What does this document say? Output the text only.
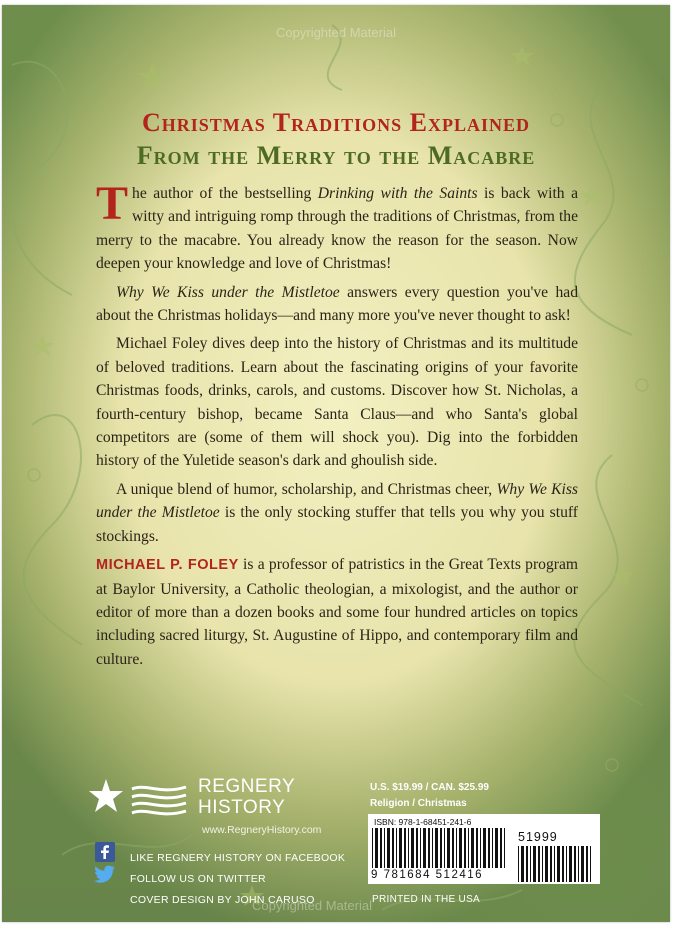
Copyrighted Material
Christmas Traditions Explained
From the Merry to the Macabre

The author of the bestselling Drinking with the Saints is back with a witty and intriguing romp through the traditions of Christmas, from the merry to the macabre. You already know the reason for the season. Now deepen your knowledge and love of Christmas!

Why We Kiss under the Mistletoe answers every question you've had about the Christmas holidays—and many more you've never thought to ask!

Michael Foley dives deep into the history of Christmas and its multitude of beloved traditions. Learn about the fascinating origins of your favorite Christmas foods, drinks, carols, and customs. Discover how St. Nicholas, a fourth-century bishop, became Santa Claus—and who Santa's global competitors are (some of them will shock you). Dig into the forbidden history of the Yuletide season's dark and ghoulish side.

A unique blend of humor, scholarship, and Christmas cheer, Why We Kiss under the Mistletoe is the only stocking stuffer that tells you why you stuff stockings.

MICHAEL P. FOLEY is a professor of patristics in the Great Texts program at Baylor University, a Catholic theologian, a mixologist, and the author or editor of more than a dozen books and some four hundred articles on topics including sacred liturgy, St. Augustine of Hippo, and contemporary film and culture.

REGNERY
HISTORY
www.RegneryHistory.com
LIKE REGNERY HISTORY ON FACEBOOK
FOLLOW US ON TWITTER
COVER DESIGN BY JOHN CARUSO
U.S. $19.99 / CAN. $25.99
Religion / Christmas
ISBN: 978-1-68451-241-6
51999
9 781684 512416
PRINTED IN THE USA
Copyrighted Material
